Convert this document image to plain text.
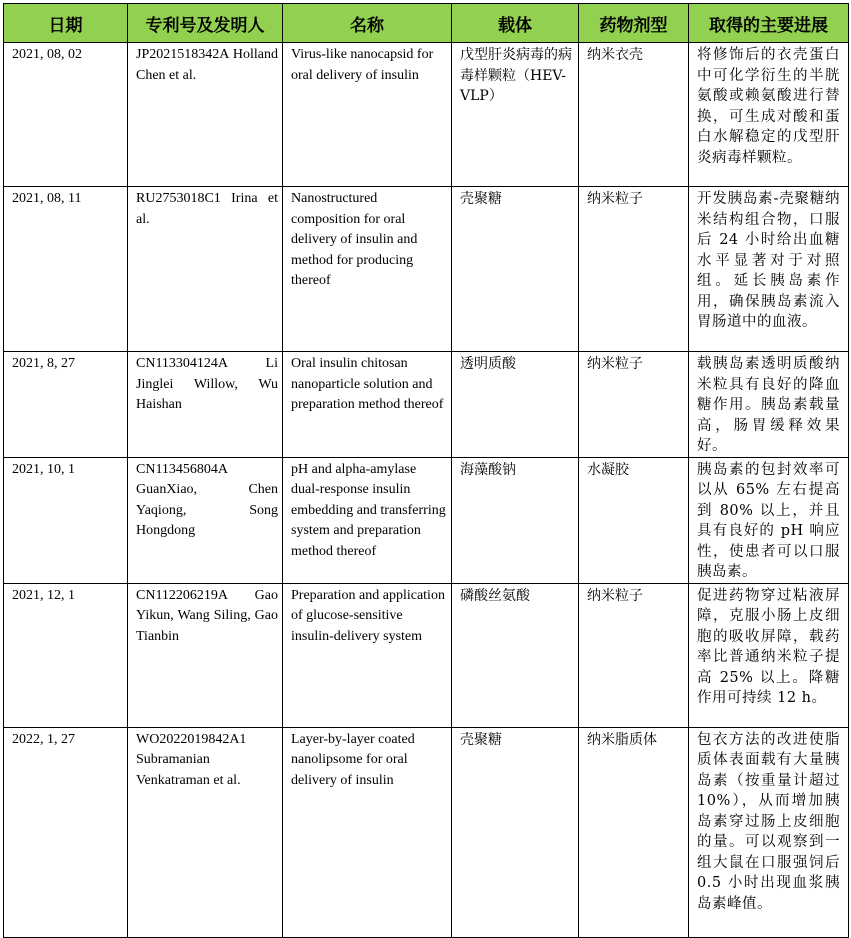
日期	专利号及发明人	名称	载体	药物剂型	取得的主要进展
2021, 08, 02	JP2021518342A Holland Chen et al.	Virus-like nanocapsid for oral delivery of insulin	戊型肝炎病毒的病毒样颗粒（HEV-VLP）	纳米衣壳	将修饰后的衣壳蛋白中可化学衍生的半胱氨酸或赖氨酸进行替换，可生成对酸和蛋白水解稳定的戊型肝炎病毒样颗粒。
2021, 08, 11	RU2753018C1 Irina et al.	Nanostructured composition for oral delivery of insulin and method for producing thereof	壳聚糖	纳米粒子	开发胰岛素-壳聚糖纳米结构组合物，口服后 24 小时给出血糖水平显著对于对照组。延长胰岛素作用，确保胰岛素流入胃肠道中的血液。
2021, 8, 27	CN113304124A Li Jinglei Willow, Wu Haishan	Oral insulin chitosan nanoparticle solution and preparation method thereof	透明质酸	纳米粒子	载胰岛素透明质酸纳米粒具有良好的降血糖作用。胰岛素载量高，肠胃缓释效果好。
2021, 10, 1	CN113456804A GuanXiao, Chen Yaqiong, Song Hongdong	pH and alpha-amylase dual-response insulin embedding and transferring system and preparation method thereof	海藻酸钠	水凝胶	胰岛素的包封效率可以从 65% 左右提高到 80% 以上，并且具有良好的 pH 响应性，使患者可以口服胰岛素。
2021, 12, 1	CN112206219A Gao Yikun, Wang Siling, Gao Tianbin	Preparation and application of glucose-sensitive insulin-delivery system	磷酸丝氨酸	纳米粒子	促进药物穿过粘液屏障，克服小肠上皮细胞的吸收屏障，载药率比普通纳米粒子提高 25% 以上。降糖作用可持续 12 h。
2022, 1, 27	WO2022019842A1 Subramanian Venkatraman et al.	Layer-by-layer coated nanolipsome for oral delivery of insulin	壳聚糖	纳米脂质体	包衣方法的改进使脂质体表面载有大量胰岛素（按重量计超过 10%），从而增加胰岛素穿过肠上皮细胞的量。可以观察到一组大鼠在口服强饲后 0.5 小时出现血浆胰岛素峰值。
